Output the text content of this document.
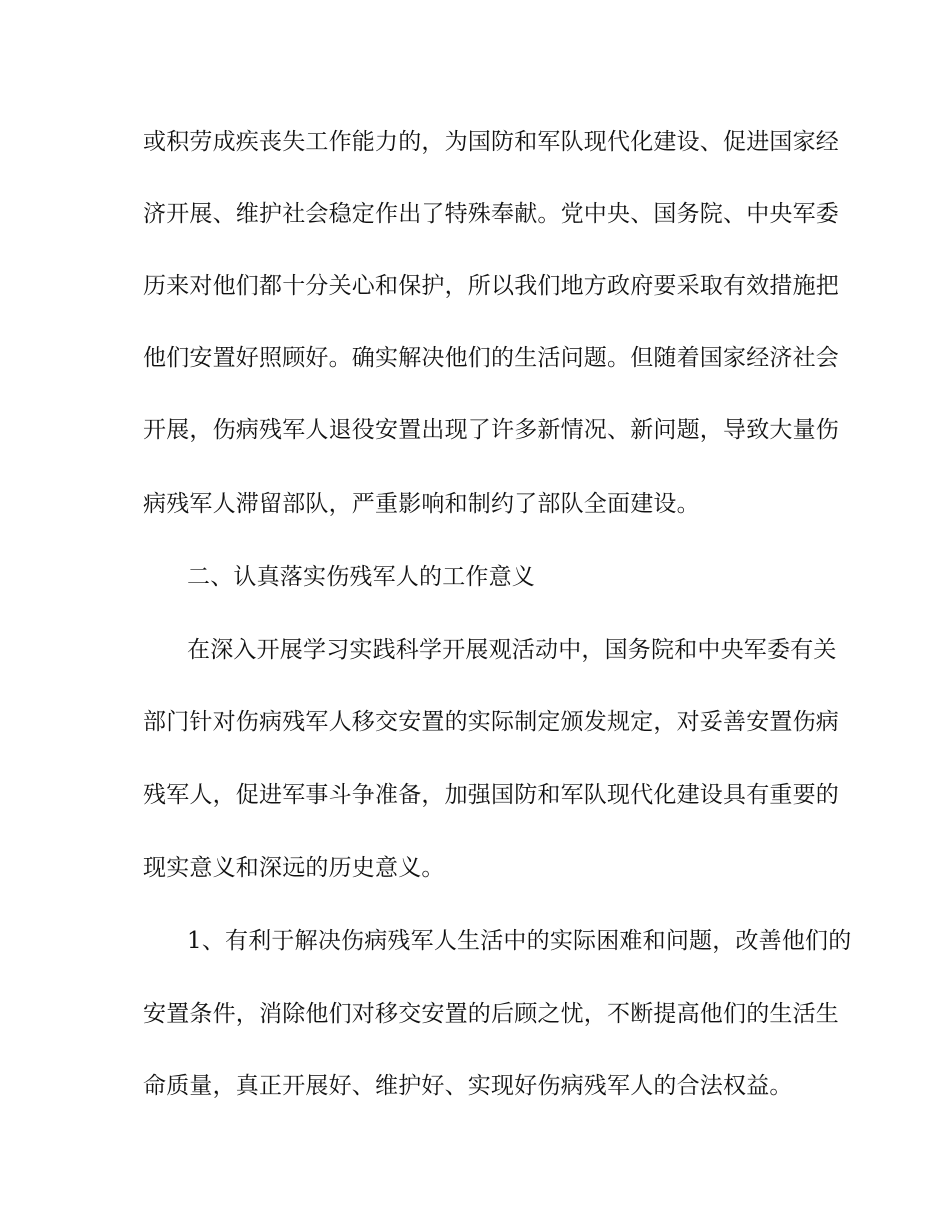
或积劳成疾丧失工作能力的，为国防和军队现代化建设、促进国家经
济开展、维护社会稳定作出了特殊奉献。党中央、国务院、中央军委
历来对他们都十分关心和保护，所以我们地方政府要采取有效措施把
他们安置好照顾好。确实解决他们的生活问题。但随着国家经济社会
开展，伤病残军人退役安置出现了许多新情况、新问题，导致大量伤
病残军人滞留部队，严重影响和制约了部队全面建设。
二、认真落实伤残军人的工作意义
在深入开展学习实践科学开展观活动中，国务院和中央军委有关
部门针对伤病残军人移交安置的实际制定颁发规定，对妥善安置伤病
残军人，促进军事斗争准备，加强国防和军队现代化建设具有重要的
现实意义和深远的历史意义。
1、有利于解决伤病残军人生活中的实际困难和问题，改善他们的
安置条件，消除他们对移交安置的后顾之忧，不断提高他们的生活生
命质量，真正开展好、维护好、实现好伤病残军人的合法权益。
